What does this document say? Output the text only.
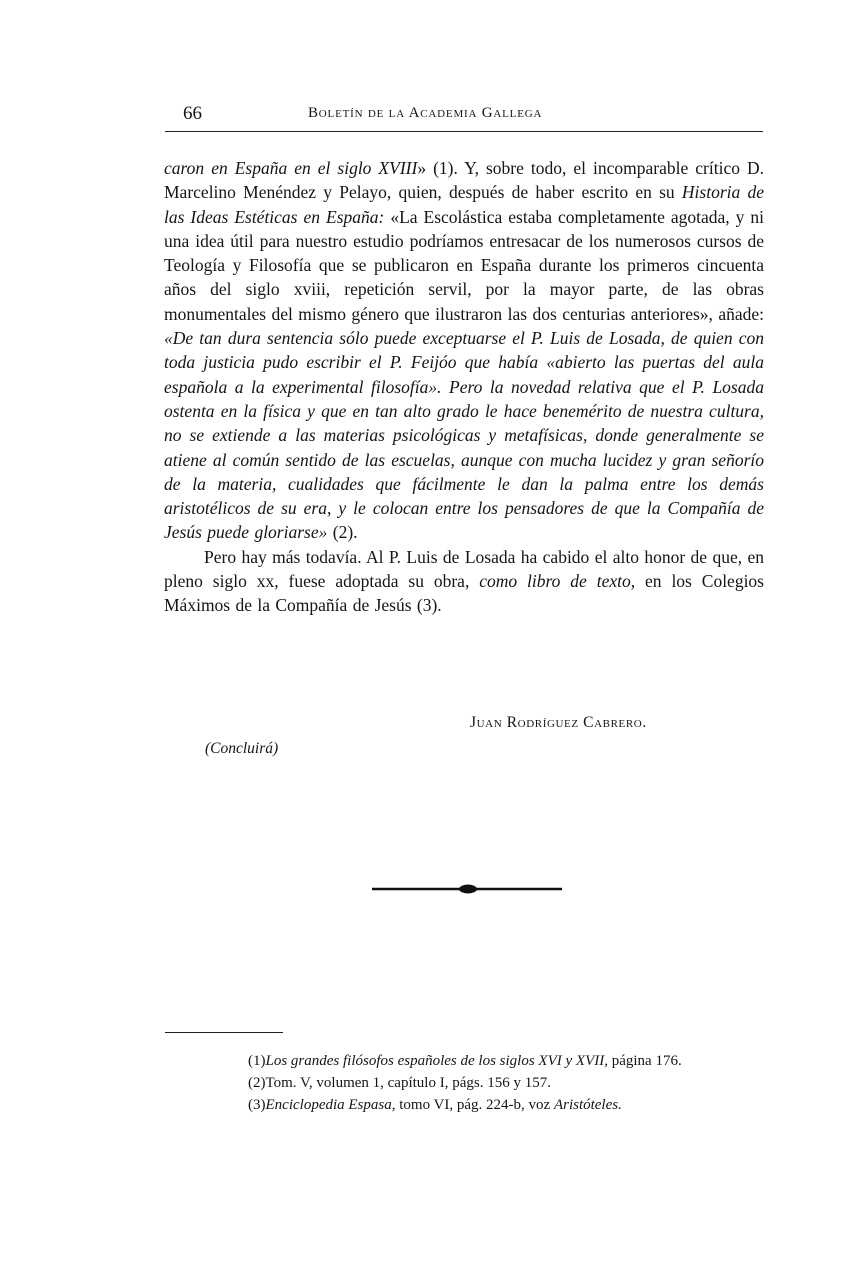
66	Boletín de la Academia Gallega

caron en España en el siglo XVIII» (1). Y, sobre todo, el incomparable crítico D. Marcelino Menéndez y Pelayo, quien, después de haber escrito en su Historia de las Ideas Estéticas en España: «La Escolástica estaba completamente agotada, y ni una idea útil para nuestro estudio podríamos entresacar de los numerosos cursos de Teología y Filosofía que se publicaron en España durante los primeros cincuenta años del siglo xviii, repetición servil, por la mayor parte, de las obras monumentales del mismo género que ilustraron las dos centurias anteriores», añade: «De tan dura sentencia sólo puede exceptuarse el P. Luis de Losada, de quien con toda justicia pudo escribir el P. Feijóo que había «abierto las puertas del aula española a la experimental filosofía». Pero la novedad relativa que el P. Losada ostenta en la física y que en tan alto grado le hace benemérito de nuestra cultura, no se extiende a las materias psicológicas y metafísicas, donde generalmente se atiene al común sentido de las escuelas, aunque con mucha lucidez y gran señorío de la materia, cualidades que fácilmente le dan la palma entre los demás aristotélicos de su era, y le colocan entre los pensadores de que la Compañía de Jesús puede gloriarse» (2).

Pero hay más todavía. Al P. Luis de Losada ha cabido el alto honor de que, en pleno siglo xx, fuese adoptada su obra, como libro de texto, en los Colegios Máximos de la Compañía de Jesús (3).

Juan Rodríguez Cabrero.
(Concluirá)

(1)Los grandes filósofos españoles de los siglos XVI y XVII, página 176.

(2)Tom. V, volumen 1, capítulo I, págs. 156 y 157.

(3)Enciclopedia Espasa, tomo VI, pág. 224-b, voz Aristóteles.
